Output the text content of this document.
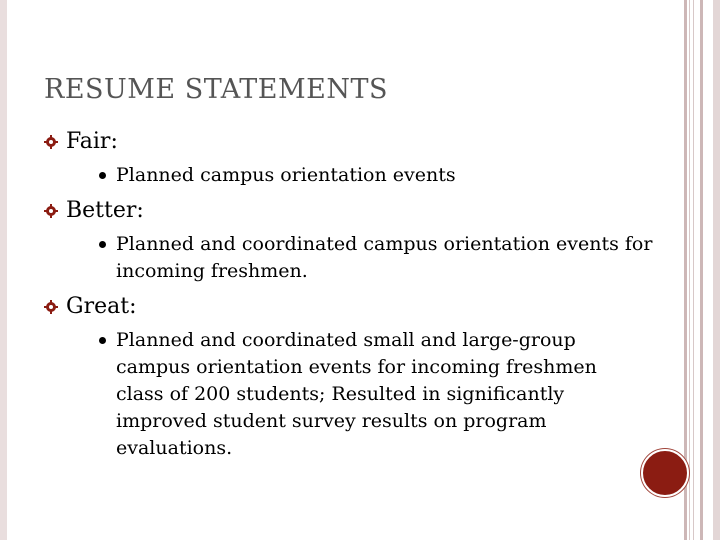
RESUME STATEMENTS
Fair:
Planned campus orientation events
Better:
Planned and coordinated campus orientation events for incoming freshmen.
Great:
Planned and coordinated small and large-group campus orientation events for incoming freshmen class of 200 students; Resulted in significantly improved student survey results on program evaluations.
